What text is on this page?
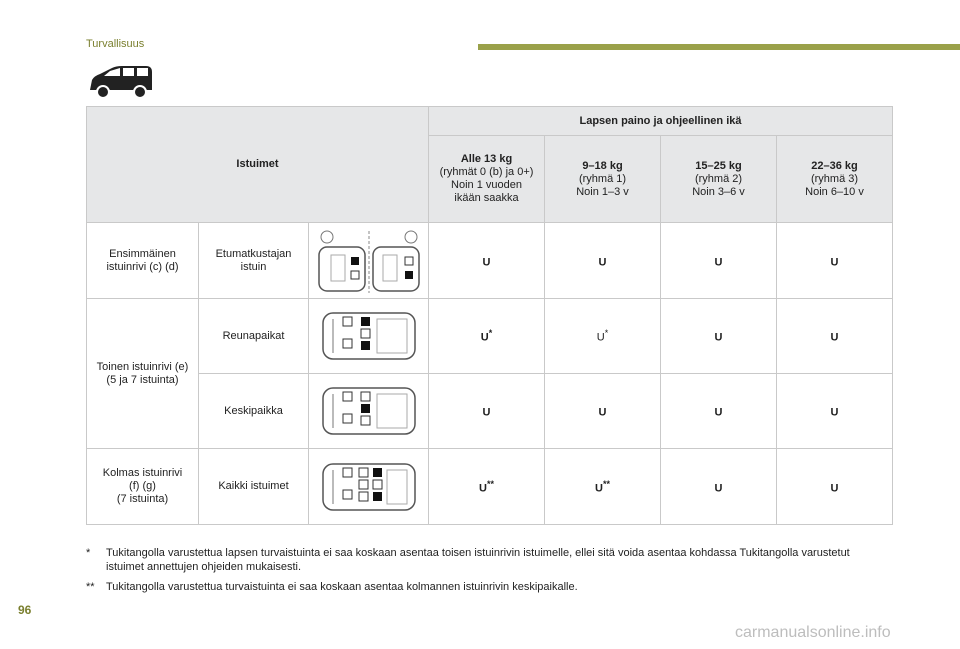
Turvallisuus
Istuimet			Lapsen paino ja ohjeellinen ikä			

			Alle 13 kg
(ryhmät 0 (b) ja 0+)
Noin 1 vuoden
ikään saakka	9–18 kg
(ryhmä 1)
Noin 1–3 v	15–25 kg
(ryhmä 2)
Noin 3–6 v	22–36 kg
(ryhmä 3)
Noin 6–10 v

Ensimmäinen
istuinrivi (c) (d)	Etumatkustajan
istuin		U	U	U	U

Toinen istuinrivi (e)
(5 ja 7 istuinta)	Reunapaikat		U*	U*	U	U

	Keskipaikka		U	U	U	U

Kolmas istuinrivi
(f) (g)
(7 istuinta)	Kaikki istuimet		U**	U**	U	U
* Tukitangolla varustettua lapsen turvaistuinta ei saa koskaan asentaa toisen istuinrivin istuimelle, ellei sitä voida asentaa kohdassa Tukitangolla varustetut istuimet annettujen ohjeiden mukaisesti.
** Tukitangolla varustettua turvaistuinta ei saa koskaan asentaa kolmannen istuinrivin keskipaikalle.
96
carmanualsonline.info
